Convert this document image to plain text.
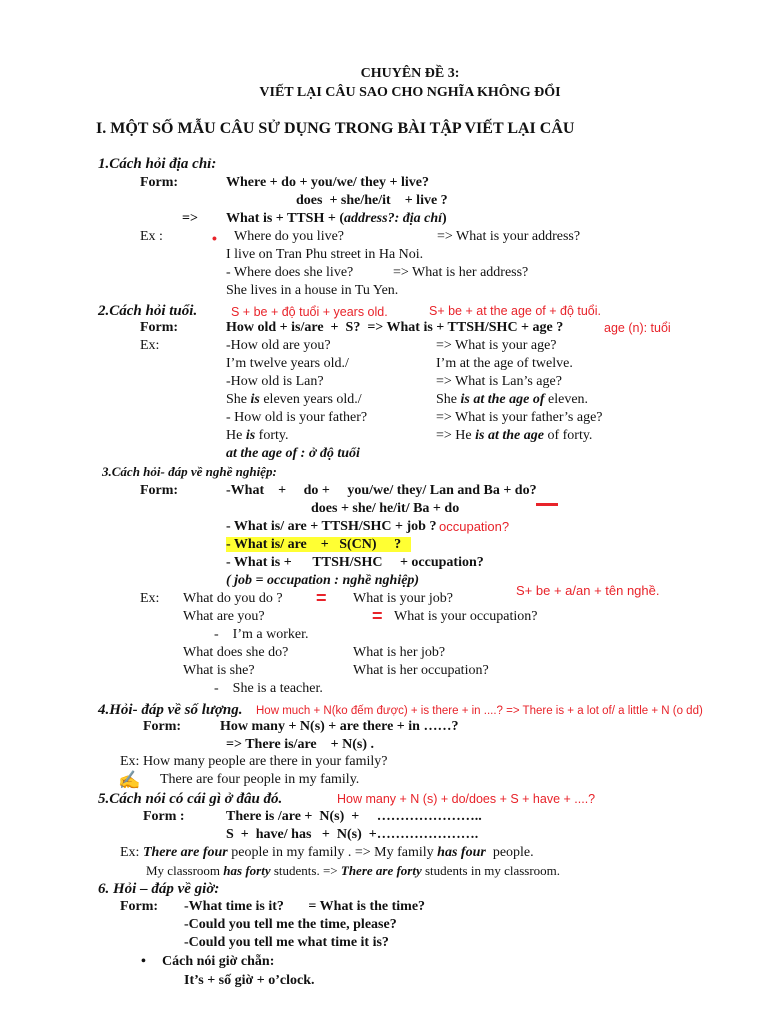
CHUYÊN ĐỀ 3:
VIẾT LẠI CÂU SAO CHO NGHĨA KHÔNG ĐỔI
I. MỘT SỐ MẪU CÂU SỬ DỤNG TRONG BÀI TẬP VIẾT LẠI CÂU
1.Cách hỏi địa chỉ:
Form:	Where + do + you/we/ they + live?
does  + she/he/it    + live ?
=> What is + TTSH + (address?: địa chỉ)
Ex :	• Where do you live?	=> What is your address?
I live on Tran Phu street in Ha Noi.
- Where does she live?	=> What is her address?
She lives in a house in Tu Yen.
2.Cách hỏi tuổi.	S + be + độ tuổi + years old.	S+ be + at the age of + độ tuổi.
Form:	How old + is/are  +  S?  => What is + TTSH/SHC + age ?	age (n): tuổi
Ex:	-How old are you?	=> What is your age?
I’m twelve years old./	I’m at the age of twelve.
-How old is Lan?	=> What is Lan’s age?
She is eleven years old./	She is at the age of eleven.
- How old is your father?	=> What is your father’s age?
He is forty.	=> He is at the age of forty.
at the age of : ở độ tuổi
3.Cách hỏi- đáp về nghề nghiệp:
Form:	-What    +     do +     you/we/ they/ Lan and Ba + do?
does + she/ he/it/ Ba + do
- What is/ are + TTSH/SHC + job ? occupation?
- What is/ are    +   S(CN)     ?
- What is +      TTSH/SHC     + occupation?
( job = occupation : nghề nghiệp)
S+ be + a/an + tên nghề.
Ex: What do you do ? = What is your job?
What are you?	= What is your occupation?
-    I’m a worker.
What does she do?	What is her job?
What is she?	What is her occupation?
-    She is a teacher.
4.Hỏi- đáp về số lượng. How much + N(ko đếm được) + is there + in ....? => There is + a lot of/ a little + N (o dd)
Form:	How many + N(s) + are there + in ……?
=> There is/are    + N(s) .
Ex: How many people are there in your family?
✍ There are four people in my family.
5.Cách nói có cái gì ở đâu đó.	How many + N (s) + do/does + S + have + ....?
Form :	There is /are +  N(s)  +     …………………..
S  +  have/ has   +  N(s)  +………………….
Ex: There are four people in my family . => My family has four  people.
My classroom has forty students. => There are forty students in my classroom.
6. Hỏi – đáp về giờ:
Form: -What time is it?       = What is the time?
-Could you tell me the time, please?
-Could you tell me what time it is?
• Cách nói giờ chẵn:
It’s + số giờ + o’clock.
